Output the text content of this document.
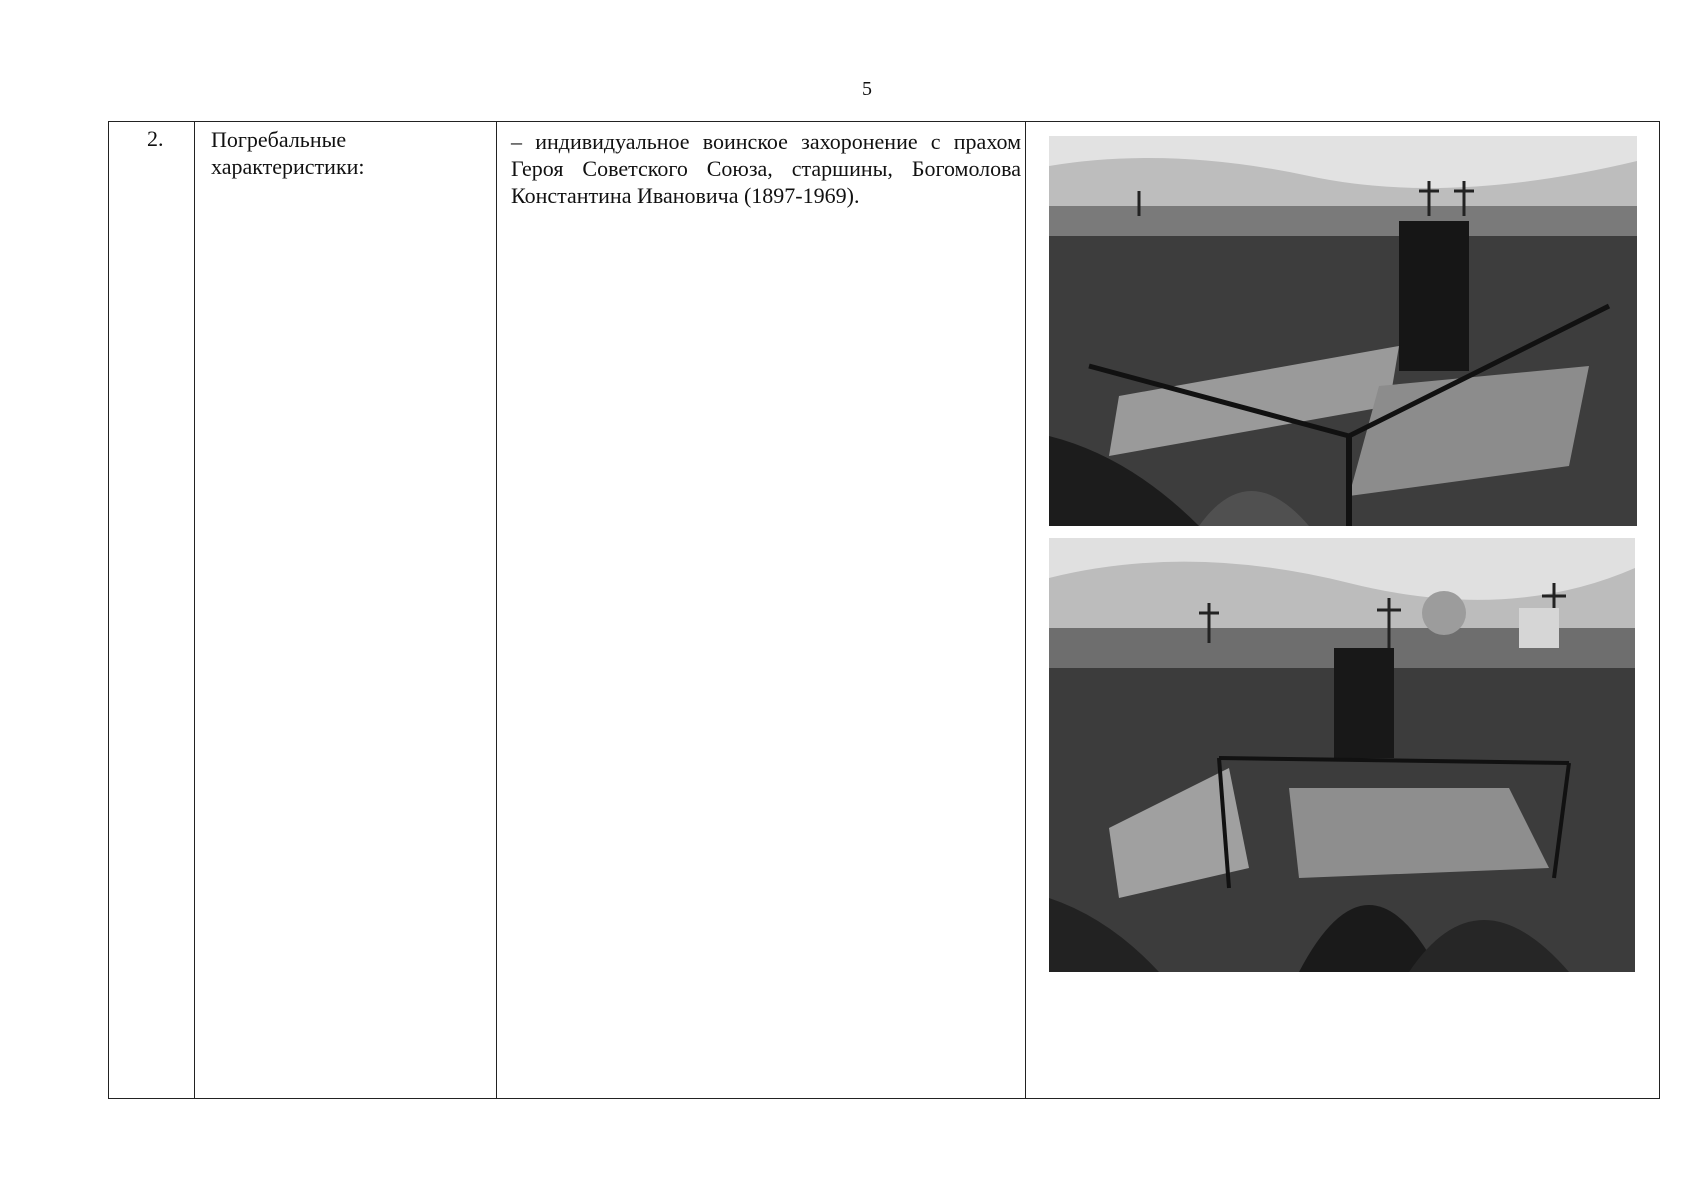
5
2. Погребальные
характеристики:
– индивидуальное воинское захоронение с прахом Героя Советского Союза, старшины, Богомолова Константина Ивановича (1897-1969).
